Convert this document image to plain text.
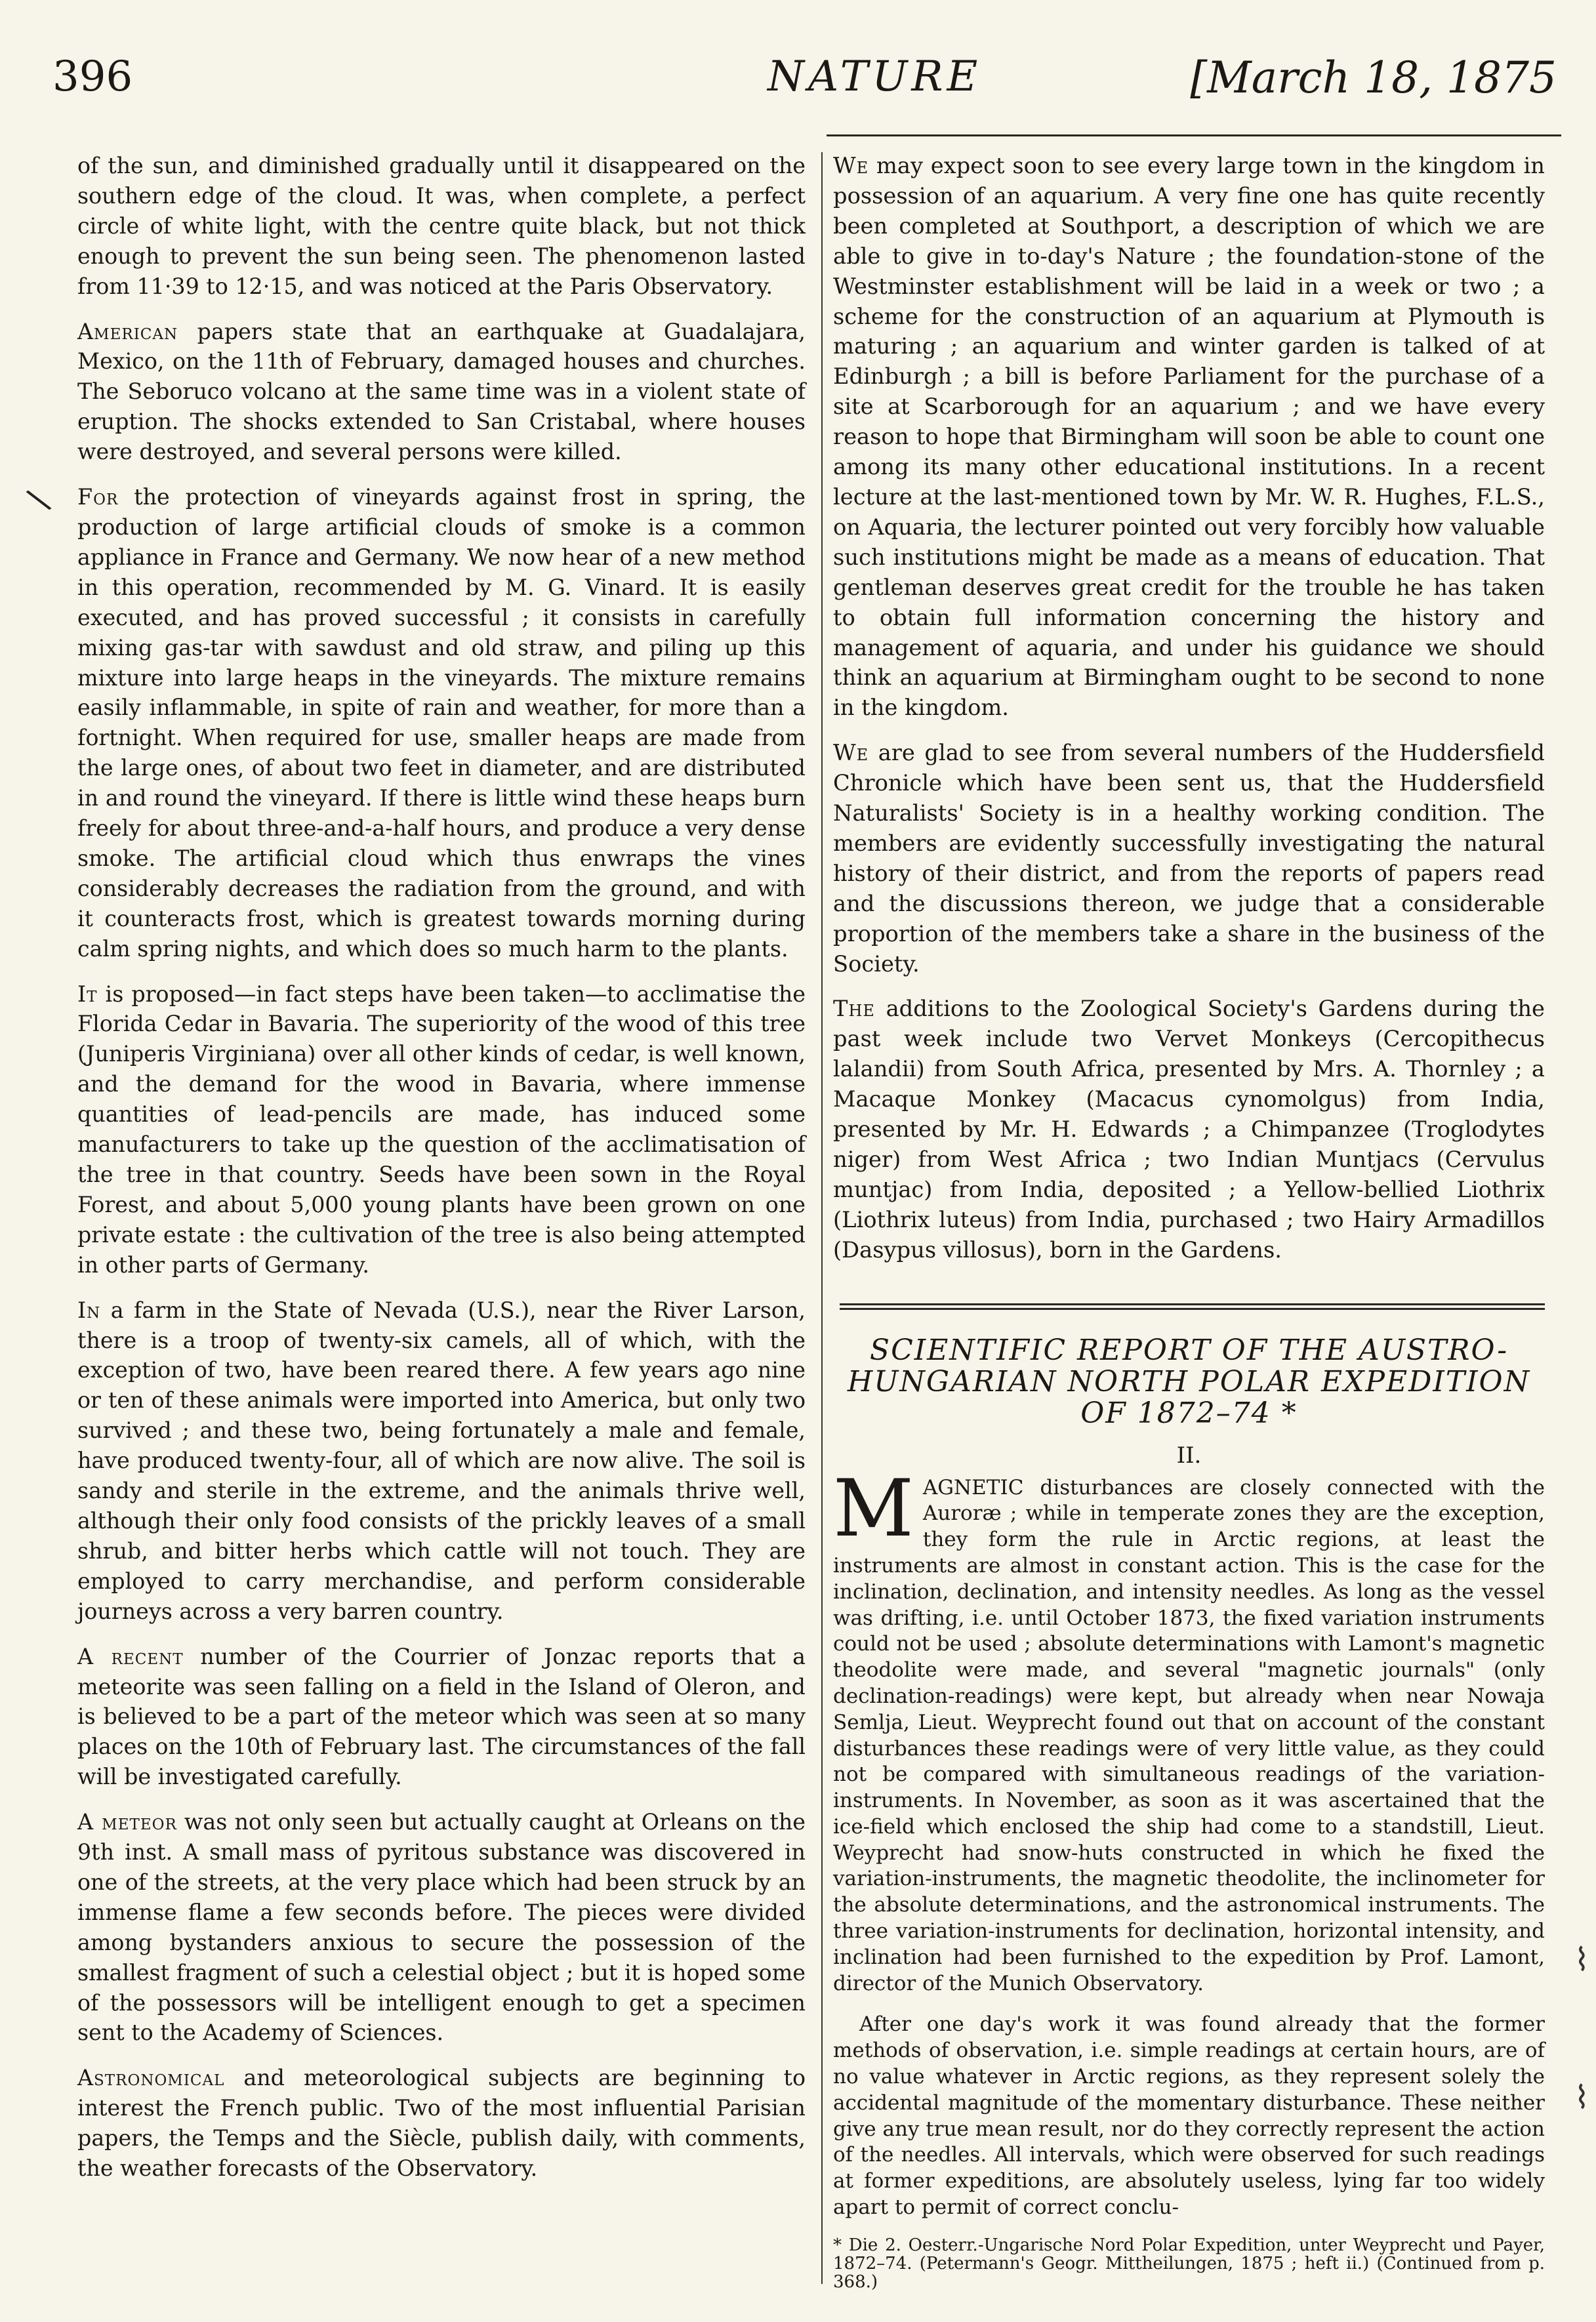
396	NATURE	[March 18, 1875
\

of the sun, and diminished gradually until it disappeared on the southern edge of the cloud. It was, when complete, a perfect circle of white light, with the centre quite black, but not thick enough to prevent the sun being seen. The phenomenon lasted from 11·39 to 12·15, and was noticed at the Paris Observatory.

American papers state that an earthquake at Guadalajara, Mexico, on the 11th of February, damaged houses and churches. The Seboruco volcano at the same time was in a violent state of eruption. The shocks extended to San Cristabal, where houses were destroyed, and several persons were killed.

For the protection of vineyards against frost in spring, the production of large artificial clouds of smoke is a common appliance in France and Germany. We now hear of a new method in this operation, recommended by M. G. Vinard. It is easily executed, and has proved successful ; it consists in carefully mixing gas-tar with sawdust and old straw, and piling up this mixture into large heaps in the vineyards. The mixture remains easily inflammable, in spite of rain and weather, for more than a fortnight. When required for use, smaller heaps are made from the large ones, of about two feet in diameter, and are distributed in and round the vineyard. If there is little wind these heaps burn freely for about three-and-a-half hours, and produce a very dense smoke. The artificial cloud which thus enwraps the vines considerably decreases the radiation from the ground, and with it counteracts frost, which is greatest towards morning during calm spring nights, and which does so much harm to the plants.

It is proposed—in fact steps have been taken—to acclimatise the Florida Cedar in Bavaria. The superiority of the wood of this tree (Juniperis Virginiana) over all other kinds of cedar, is well known, and the demand for the wood in Bavaria, where immense quantities of lead-pencils are made, has induced some manufacturers to take up the question of the acclimatisation of the tree in that country. Seeds have been sown in the Royal Forest, and about 5,000 young plants have been grown on one private estate : the cultivation of the tree is also being attempted in other parts of Germany.

In a farm in the State of Nevada (U.S.), near the River Larson, there is a troop of twenty-six camels, all of which, with the exception of two, have been reared there. A few years ago nine or ten of these animals were imported into America, but only two survived ; and these two, being fortunately a male and female, have produced twenty-four, all of which are now alive. The soil is sandy and sterile in the extreme, and the animals thrive well, although their only food consists of the prickly leaves of a small shrub, and bitter herbs which cattle will not touch. They are employed to carry merchandise, and perform considerable journeys across a very barren country.

A recent number of the Courrier of Jonzac reports that a meteorite was seen falling on a field in the Island of Oleron, and is believed to be a part of the meteor which was seen at so many places on the 10th of February last. The circumstances of the fall will be investigated carefully.

A meteor was not only seen but actually caught at Orleans on the 9th inst. A small mass of pyritous substance was discovered in one of the streets, at the very place which had been struck by an immense flame a few seconds before. The pieces were divided among bystanders anxious to secure the possession of the smallest fragment of such a celestial object ; but it is hoped some of the possessors will be intelligent enough to get a specimen sent to the Academy of Sciences.

Astronomical and meteorological subjects are beginning to interest the French public. Two of the most influential Parisian papers, the Temps and the Siècle, publish daily, with comments, the weather forecasts of the Observatory.

We may expect soon to see every large town in the kingdom in possession of an aquarium. A very fine one has quite recently been completed at Southport, a description of which we are able to give in to-day's Nature ; the foundation-stone of the Westminster establishment will be laid in a week or two ; a scheme for the construction of an aquarium at Plymouth is maturing ; an aquarium and winter garden is talked of at Edinburgh ; a bill is before Parliament for the purchase of a site at Scarborough for an aquarium ; and we have every reason to hope that Birmingham will soon be able to count one among its many other educational institutions. In a recent lecture at the last-mentioned town by Mr. W. R. Hughes, F.L.S., on Aquaria, the lecturer pointed out very forcibly how valuable such institutions might be made as a means of education. That gentleman deserves great credit for the trouble he has taken to obtain full information concerning the history and management of aquaria, and under his guidance we should think an aquarium at Birmingham ought to be second to none in the kingdom.

We are glad to see from several numbers of the Huddersfield Chronicle which have been sent us, that the Huddersfield Naturalists' Society is in a healthy working condition. The members are evidently successfully investigating the natural history of their district, and from the reports of papers read and the discussions thereon, we judge that a considerable proportion of the members take a share in the business of the Society.

The additions to the Zoological Society's Gardens during the past week include two Vervet Monkeys (Cercopithecus lalandii) from South Africa, presented by Mrs. A. Thornley ; a Macaque Monkey (Macacus cynomolgus) from India, presented by Mr. H. Edwards ; a Chimpanzee (Troglodytes niger) from West Africa ; two Indian Muntjacs (Cervulus muntjac) from India, deposited ; a Yellow-bellied Liothrix (Liothrix luteus) from India, purchased ; two Hairy Armadillos (Dasypus villosus), born in the Gardens.

SCIENTIFIC REPORT OF THE AUSTRO-HUNGARIAN NORTH POLAR EXPEDITION OF 1872–74 *
II.

MAGNETIC disturbances are closely connected with the Auroræ ; while in temperate zones they are the exception, they form the rule in Arctic regions, at least the instruments are almost in constant action. This is the case for the inclination, declination, and intensity needles. As long as the vessel was drifting, i.e. until October 1873, the fixed variation instruments could not be used ; absolute determinations with Lamont's magnetic theodolite were made, and several "magnetic journals" (only declination-readings) were kept, but already when near Nowaja Semlja, Lieut. Weyprecht found out that on account of the constant disturbances these readings were of very little value, as they could not be compared with simultaneous readings of the variation-instruments. In November, as soon as it was ascertained that the ice-field which enclosed the ship had come to a standstill, Lieut. Weyprecht had snow-huts constructed in which he fixed the variation-instruments, the magnetic theodolite, the inclinometer for the absolute determinations, and the astronomical instruments. The three variation-instruments for declination, horizontal intensity, and inclination had been furnished to the expedition by Prof. Lamont, director of the Munich Observatory.

After one day's work it was found already that the former methods of observation, i.e. simple readings at certain hours, are of no value whatever in Arctic regions, as they represent solely the accidental magnitude of the momentary disturbance. These neither give any true mean result, nor do they correctly represent the action of the needles. All intervals, which were observed for such readings at former expeditions, are absolutely useless, lying far too widely apart to permit of correct conclu-

* Die 2. Oesterr.-Ungarische Nord Polar Expedition, unter Weyprecht und Payer, 1872–74. (Petermann's Geogr. Mittheilungen, 1875 ; heft ii.) (Continued from p. 368.)
⌇
⌇
